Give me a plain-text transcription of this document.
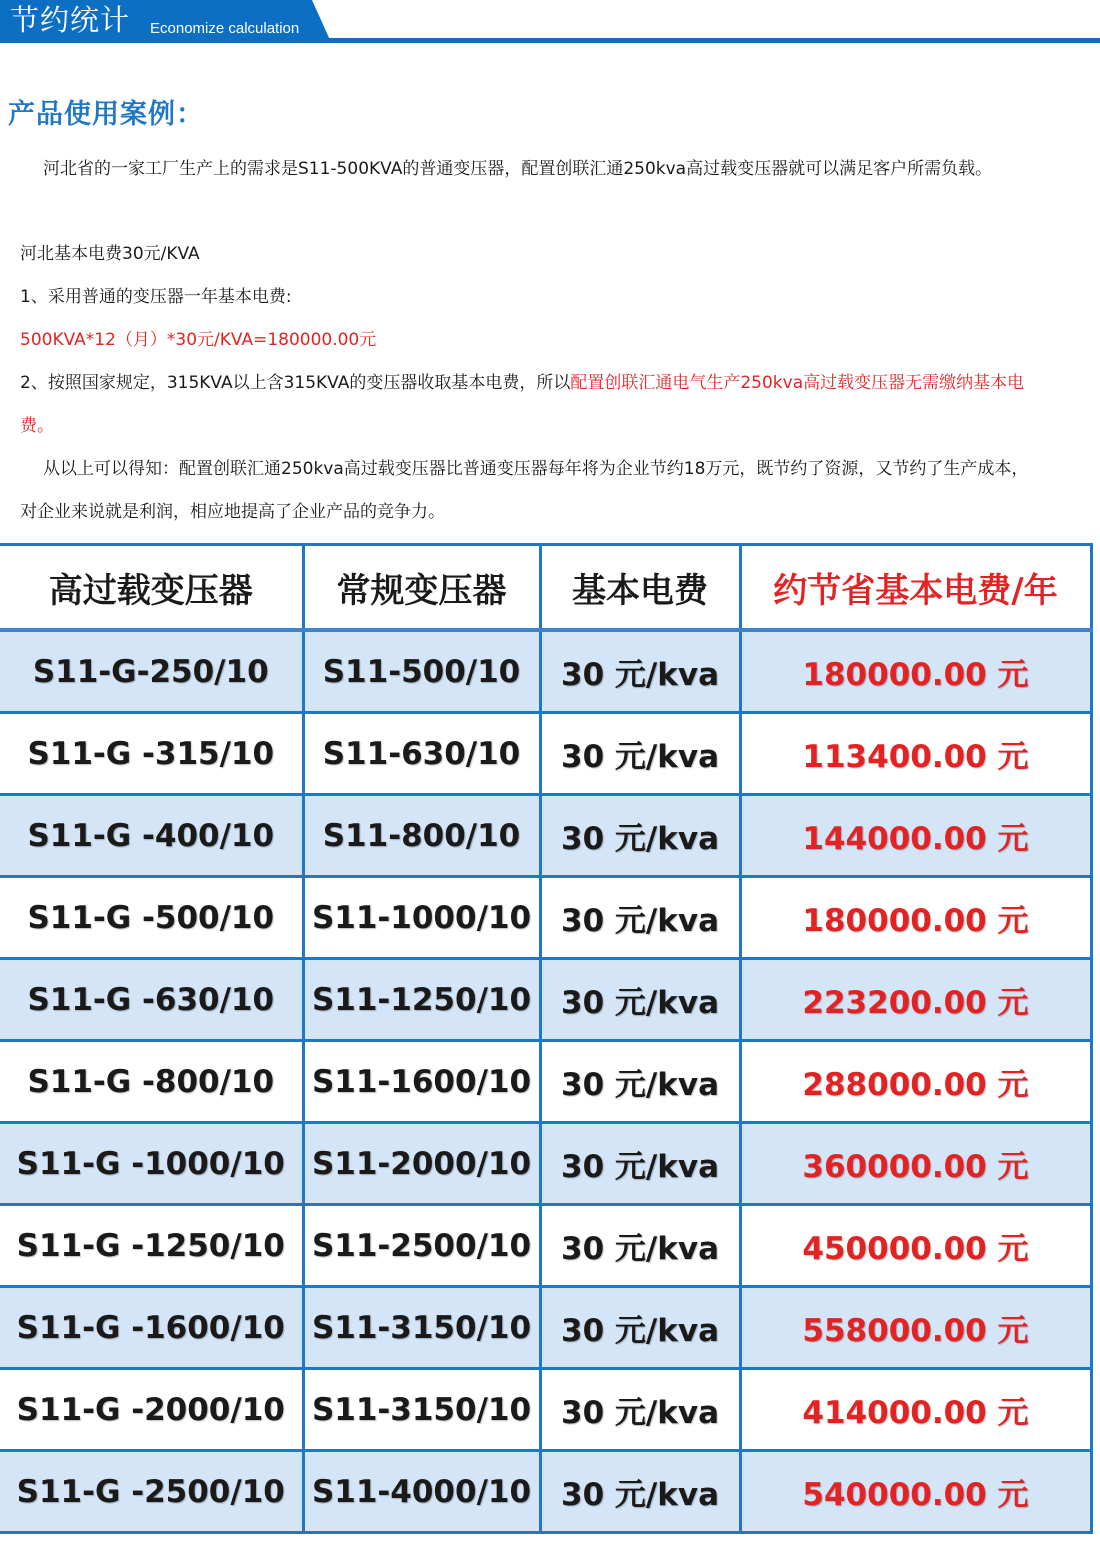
节约统计 Economize calculation
产品使用案例：

河北省的一家工厂生产上的需求是S11-500KVA的普通变压器，配置创联汇通250kva高过载变压器就可以满足客户所需负载。

河北基本电费30元/KVA

1、采用普通的变压器一年基本电费:

500KVA*12（月）*30元/KVA=180000.00元

2、按照国家规定，315KVA以上含315KVA的变压器收取基本电费，所以配置创联汇通电气生产250kva高过载变压器无需缴纳基本电费。

从以上可以得知：配置创联汇通250kva高过载变压器比普通变压器每年将为企业节约18万元，既节约了资源，又节约了生产成本，对企业来说就是利润，相应地提高了企业产品的竞争力。

高过载变压器	常规变压器	基本电费	约节省基本电费/年
S11-G-250/10	S11-500/10	30 元/kva	180000.00 元
S11-G -315/10	S11-630/10	30 元/kva	113400.00 元
S11-G -400/10	S11-800/10	30 元/kva	144000.00 元
S11-G -500/10	S11-1000/10	30 元/kva	180000.00 元
S11-G -630/10	S11-1250/10	30 元/kva	223200.00 元
S11-G -800/10	S11-1600/10	30 元/kva	288000.00 元
S11-G -1000/10	S11-2000/10	30 元/kva	360000.00 元
S11-G -1250/10	S11-2500/10	30 元/kva	450000.00 元
S11-G -1600/10	S11-3150/10	30 元/kva	558000.00 元
S11-G -2000/10	S11-3150/10	30 元/kva	414000.00 元
S11-G -2500/10	S11-4000/10	30 元/kva	540000.00 元
